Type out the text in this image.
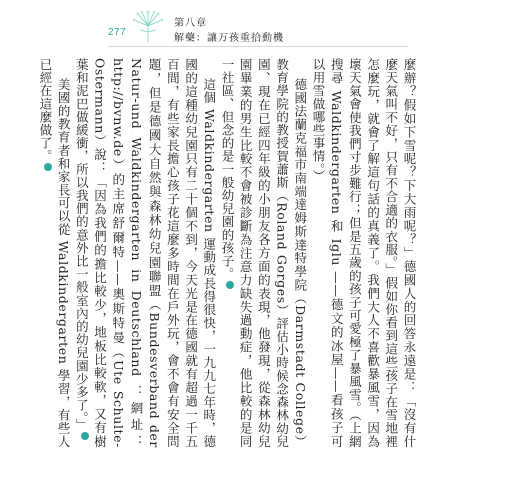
277
第八章
解藥：讓万孩重拾動機

麼辦？假如下雪呢？下大雨呢？」德國人的回答永遠是：「沒有什麼天氣叫不好，只有不合適的衣服。」假如你看到這些孩子在雪地裡怎麼玩，就會了解這句話的真義了。我們大人不喜歡暴風雪，因為壞天氣會使我們寸步難行；但是五歲的孩子可愛極了暴風雪。（上網搜尋 Waldkindergarten 和 Iglu ——德文的冰屋——看孩子可以用雪做哪些事情。）

德國法蘭克福市南端達姆斯達特學院（Darmstadt College）教育學院的教授賀蕭斯（Roland Gorges）評估小時候念森林幼兒園、現在已經四年級的小朋友各方面的表現，他發現，從森林幼兒園畢業的男生比較不會被診斷為注意力缺失過動症，他比較的是同一社區、但念的是一般幼兒園的孩子。

這個 Waldkindergarten 運動成長得很快，一九九七年時，德國的這種幼兒園只有二十個不到，今天光是在德國就有超過一千五百間，有些家長擔心孩子花這麼多時間在戶外玩，會不會有安全問題，但是德國大自然與森林幼兒園聯盟（Bundesverband der Natur-und Waldkindergarten in Deutschland ：網址：http://bvnw.de）的主席舒爾特——奧斯特曼（Ute Schulte-Ostermann）說：「因為我們的擔比較少，地板比較軟，又有樹葉和泥巴做緩衝，所以我們的意外比一般室內的幼兒園少多了。」

美國的教育者和家長可以從 Waldkindergarten 學習，有些人已經在這麼做了。
